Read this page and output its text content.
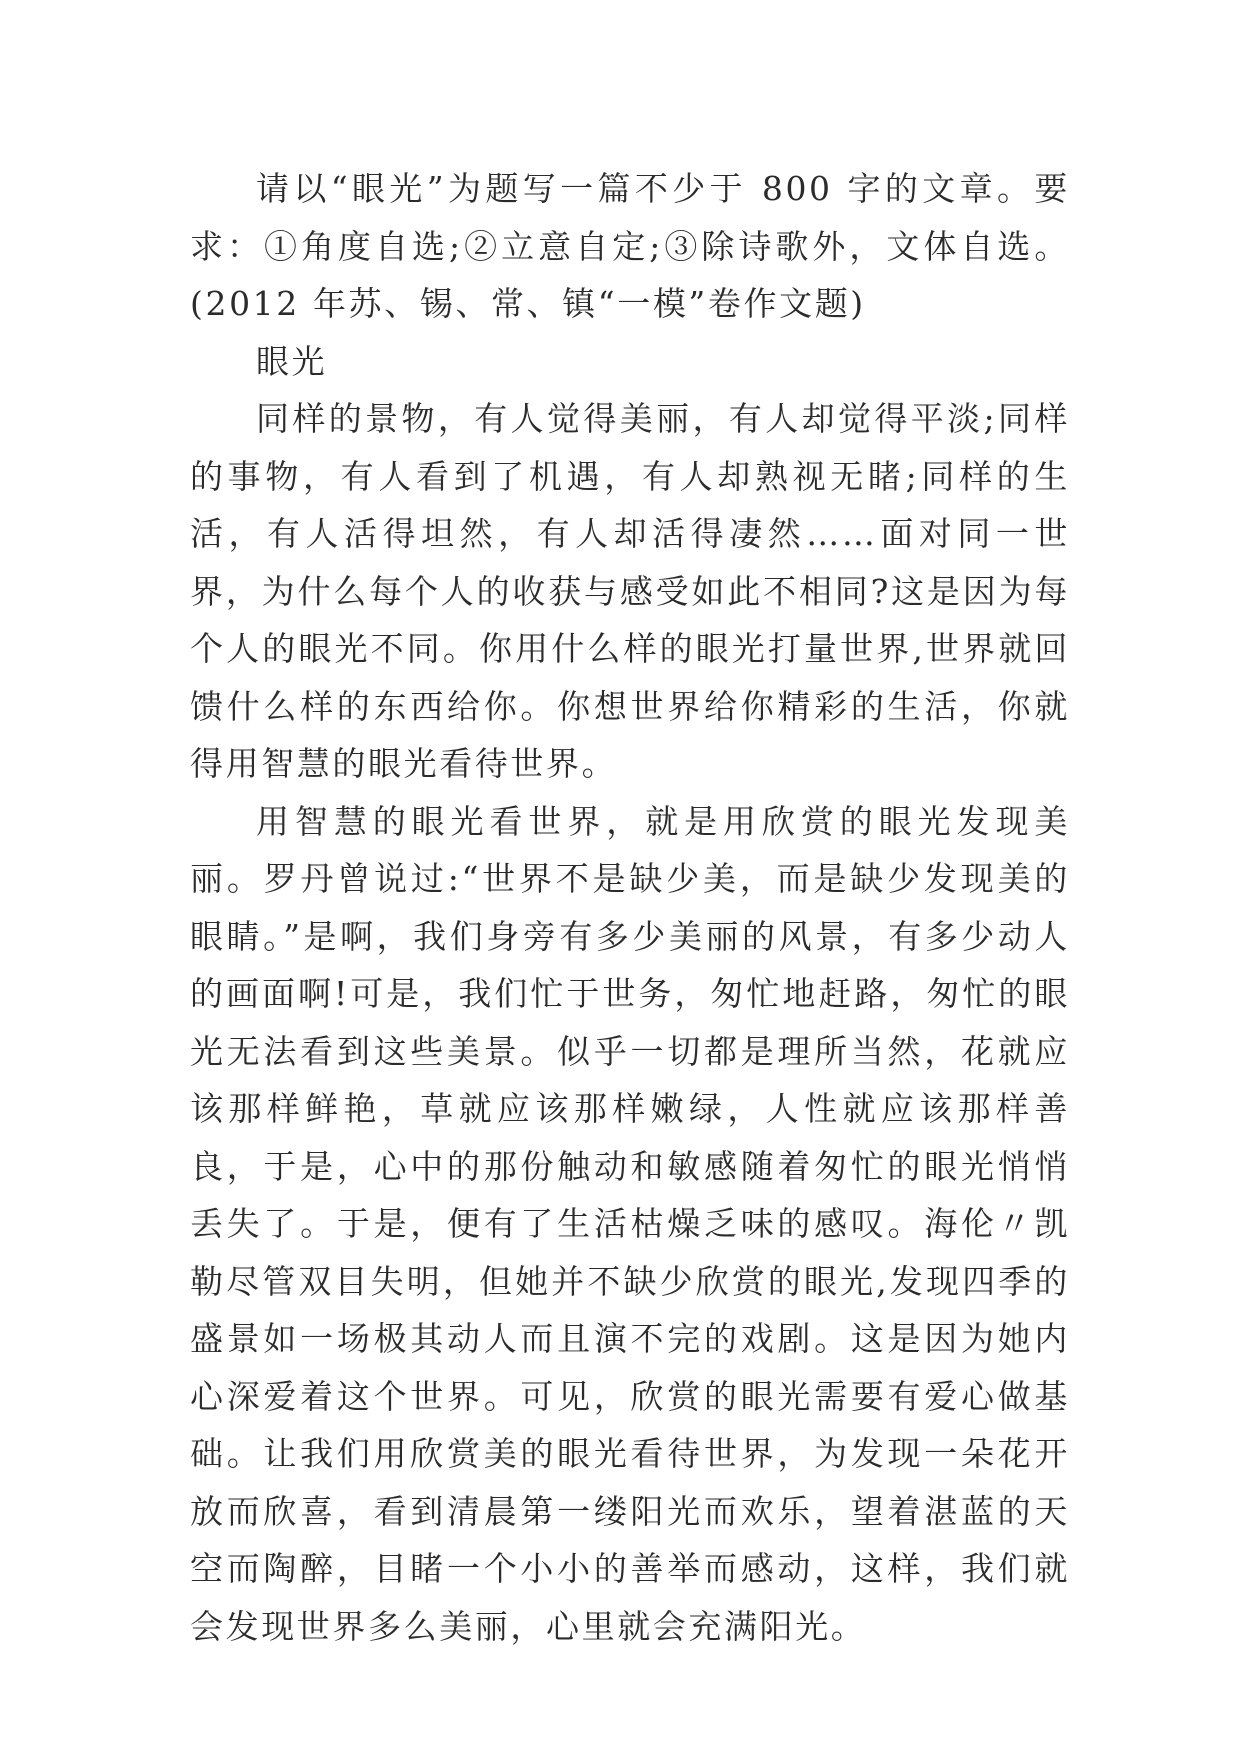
请以“眼光”为题写一篇不少于 800 字的文章。要求：①角度自选;②立意自定;③除诗歌外，文体自选。(2012 年苏、锡、常、镇“一模”卷作文题)

眼光

同样的景物，有人觉得美丽，有人却觉得平淡;同样的事物，有人看到了机遇，有人却熟视无睹;同样的生活，有人活得坦然，有人却活得凄然……面对同一世界，为什么每个人的收获与感受如此不相同?这是因为每个人的眼光不同。你用什么样的眼光打量世界,世界就回馈什么样的东西给你。你想世界给你精彩的生活，你就得用智慧的眼光看待世界。

用智慧的眼光看世界，就是用欣赏的眼光发现美丽。罗丹曾说过:“世界不是缺少美，而是缺少发现美的眼睛。”是啊，我们身旁有多少美丽的风景，有多少动人的画面啊!可是，我们忙于世务，匆忙地赶路，匆忙的眼光无法看到这些美景。似乎一切都是理所当然，花就应该那样鲜艳，草就应该那样嫩绿，人性就应该那样善良，于是，心中的那份触动和敏感随着匆忙的眼光悄悄丢失了。于是，便有了生活枯燥乏味的感叹。海伦〃凯勒尽管双目失明，但她并不缺少欣赏的眼光,发现四季的盛景如一场极其动人而且演不完的戏剧。这是因为她内心深爱着这个世界。可见，欣赏的眼光需要有爱心做基础。让我们用欣赏美的眼光看待世界，为发现一朵花开放而欣喜，看到清晨第一缕阳光而欢乐，望着湛蓝的天空而陶醉，目睹一个小小的善举而感动，这样，我们就会发现世界多么美丽，心里就会充满阳光。
